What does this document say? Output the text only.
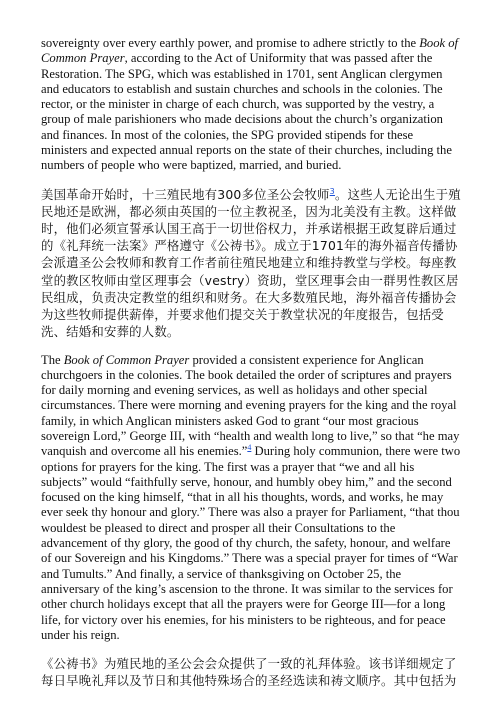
sovereignty over every earthly power, and promise to adhere strictly to the Book of Common Prayer, according to the Act of Uniformity that was passed after the Restoration. The SPG, which was established in 1701, sent Anglican clergymen and educators to establish and sustain churches and schools in the colonies. The rector, or the minister in charge of each church, was supported by the vestry, a group of male parishioners who made decisions about the church’s organization and finances. In most of the colonies, the SPG provided stipends for these ministers and expected annual reports on the state of their churches, including the numbers of people who were baptized, married, and buried.

美国革命开始时，十三殖民地有300多位圣公会牧师$^3$。这些人无论出生于殖民地还是欧洲，都必须由英国的一位主教祝圣，因为北美没有主教。这样做时，他们必须宣誓承认国王高于一切世俗权力，并承诺根据王政复辟后通过的《礼拜统一法案》严格遵守《公祷书》。成立于1701年的海外福音传播协会派遣圣公会牧师和教育工作者前往殖民地建立和维持教堂与学校。每座教堂的教区牧师由堂区理事会（vestry）资助，堂区理事会由一群男性教区居民组成，负责决定教堂的组织和财务。在大多数殖民地，海外福音传播协会为这些牧师提供薪俸，并要求他们提交关于教堂状况的年度报告，包括受洗、结婚和安葬的人数。

The Book of Common Prayer provided a consistent experience for Anglican churchgoers in the colonies. The book detailed the order of scriptures and prayers for daily morning and evening services, as well as holidays and other special circumstances. There were morning and evening prayers for the king and the royal family, in which Anglican ministers asked God to grant “our most gracious sovereign Lord,” George III, with “health and wealth long to live,” so that “he may vanquish and overcome all his enemies.”$^4$ During holy communion, there were two options for prayers for the king. The first was a prayer that “we and all his subjects” would “faithfully serve, honour, and humbly obey him,” and the second focused on the king himself, “that in all his thoughts, words, and works, he may ever seek thy honour and glory.” There was also a prayer for Parliament, “that thou wouldest be pleased to direct and prosper all their Consultations to the advancement of thy glory, the good of thy church, the safety, honour, and welfare of our Sovereign and his Kingdoms.” There was a special prayer for times of “War and Tumults.” And finally, a service of thanksgiving on October 25, the anniversary of the king’s ascension to the throne. It was similar to the services for other church holidays except that all the prayers were for George III—for a long life, for victory over his enemies, for his ministers to be righteous, and for peace under his reign.

《公祷书》为殖民地的圣公会会众提供了一致的礼拜体验。该书详细规定了每日早晚礼拜以及节日和其他特殊场合的圣经选读和祷文顺序。其中包括为
